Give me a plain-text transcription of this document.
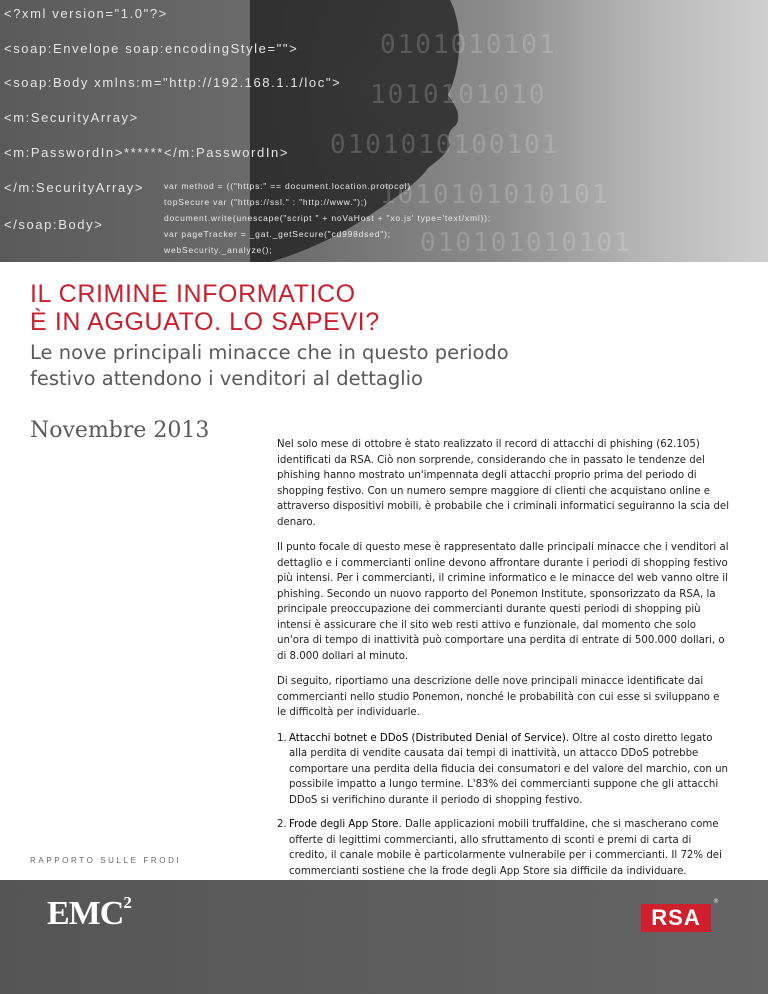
0101010101
1010101010
0101010100101
1010101010101
010101010101
<?xml version="1.0"?>
<soap:Envelope soap:encodingStyle="">
<soap:Body xmlns:m="http://192.168.1.1/loc">
<m:SecurityArray>
<m:PasswordIn>******</m:PasswordIn>
</m:SecurityArray>
</soap:Body>
var method = (("https:" == document.location.protocol)
topSecure var ("https://ssl." : "http://www.");)
document.write(unescape("script " + noVaHost + "xo.js' type='text/xml));
var pageTracker = _gat._getSecure("cd998dsed");
webSecurity._analyze();
IL CRIMINE INFORMATICO
È IN AGGUATO. LO SAPEVI?
Le nove principali minacce che in questo periodo
festivo attendono i venditori al dettaglio
Novembre 2013

Nel solo mese di ottobre è stato realizzato il record di attacchi di phishing (62.105) identificati da RSA. Ciò non sorprende, considerando che in passato le tendenze del phishing hanno mostrato un'impennata degli attacchi proprio prima del periodo di shopping festivo. Con un numero sempre maggiore di clienti che acquistano online e attraverso dispositivi mobili, è probabile che i criminali informatici seguiranno la scia del denaro.

Il punto focale di questo mese è rappresentato dalle principali minacce che i venditori al dettaglio e i commercianti online devono affrontare durante i periodi di shopping festivo più intensi. Per i commercianti, il crimine informatico e le minacce del web vanno oltre il phishing. Secondo un nuovo rapporto del Ponemon Institute, sponsorizzato da RSA, la principale preoccupazione dei commercianti durante questi periodi di shopping più intensi è assicurare che il sito web resti attivo e funzionale, dal momento che solo un'ora di tempo di inattività può comportare una perdita di entrate di 500.000 dollari, o di 8.000 dollari al minuto.

Di seguito, riportiamo una descrizione delle nove principali minacce identificate dai commercianti nello studio Ponemon, nonché le probabilità con cui esse si sviluppano e le difficoltà per individuarle.

1. Attacchi botnet e DDoS (Distributed Denial of Service). Oltre al costo diretto legato alla perdita di vendite causata dai tempi di inattività, un attacco DDoS potrebbe comportare una perdita della fiducia dei consumatori e del valore del marchio, con un possibile impatto a lungo termine. L'83% dei commercianti suppone che gli attacchi DDoS si verifichino durante il periodo di shopping festivo.
2. Frode degli App Store. Dalle applicazioni mobili truffaldine, che si mascherano come offerte di legittimi commercianti, allo sfruttamento di sconti e premi di carta di credito, il canale mobile è particolarmente vulnerabile per i commercianti. Il 72% dei commercianti sostiene che la frode degli App Store sia difficile da individuare.
RAPPORTO SULLE FRODI
EMC$^2$
RSA
®
